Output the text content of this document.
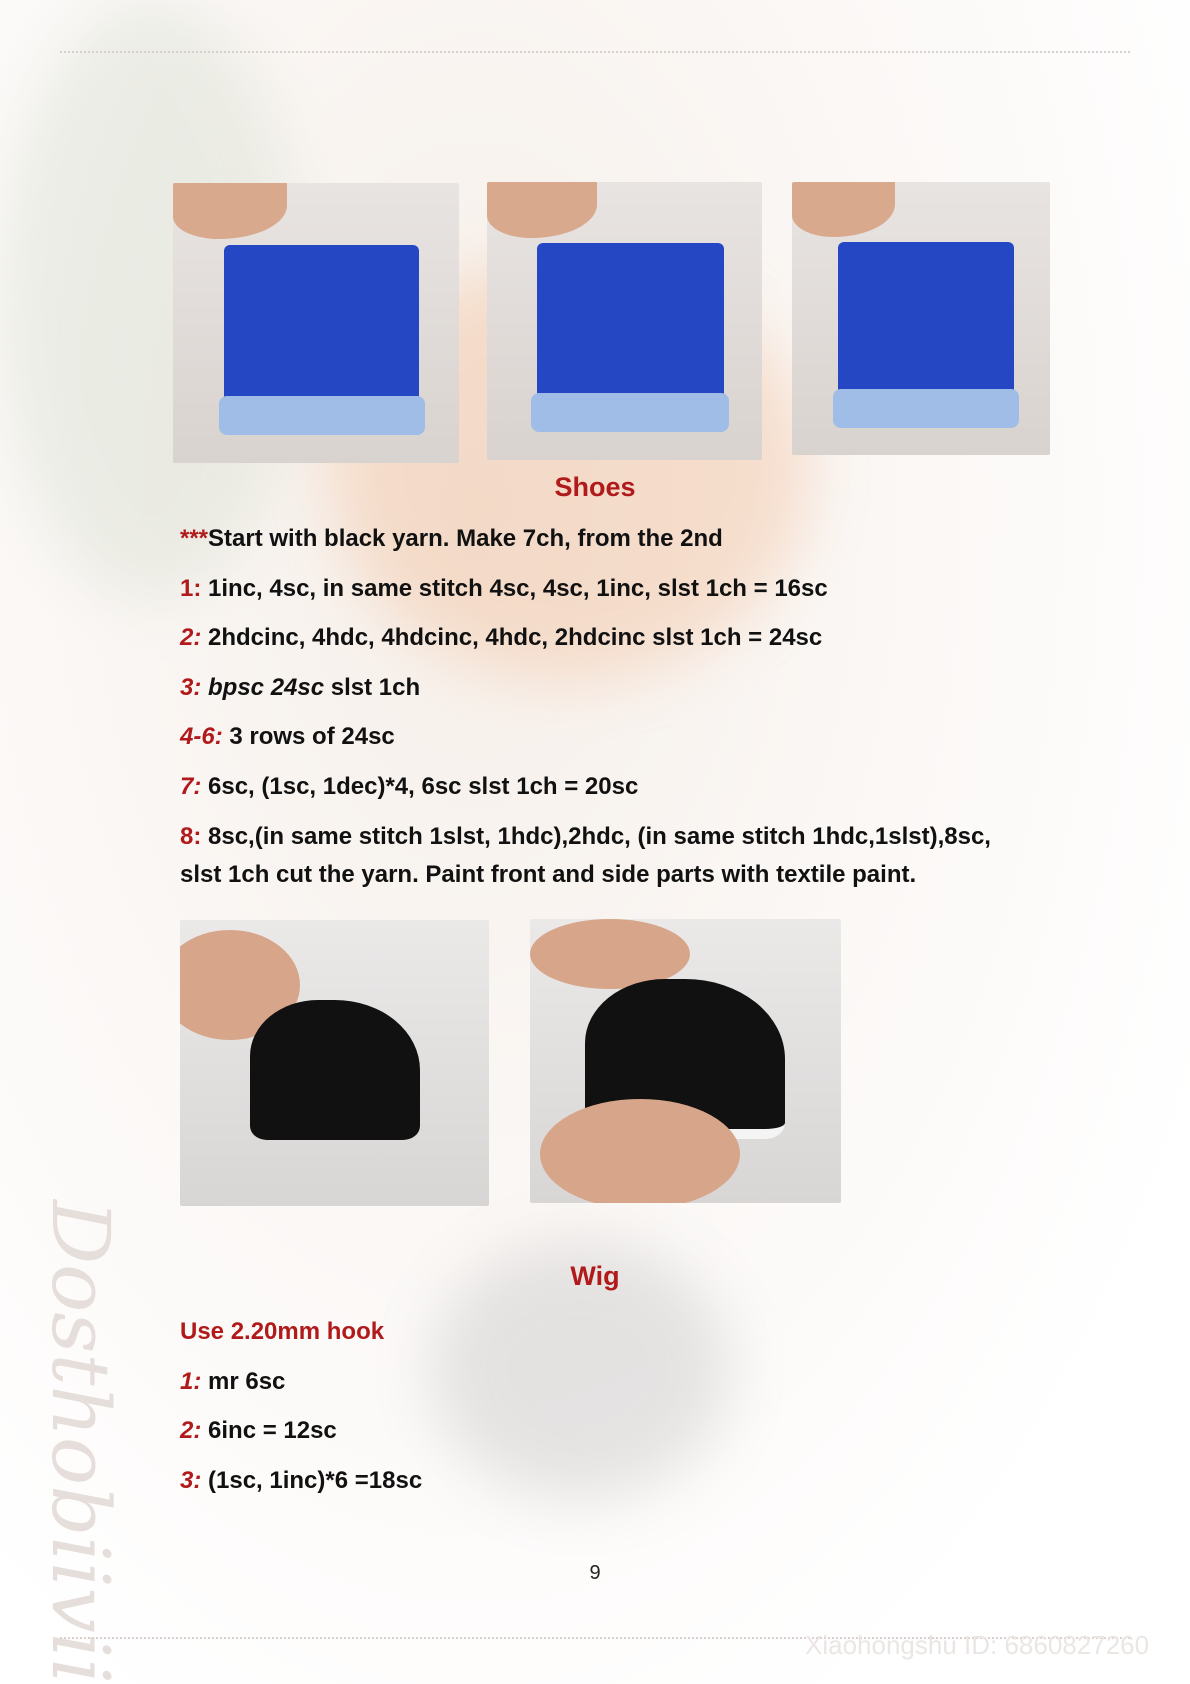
Shoes
***Start with black yarn. Make 7ch, from the 2nd
1: 1inc, 4sc, in same stitch 4sc, 4sc, 1inc, slst 1ch = 16sc
2: 2hdcinc, 4hdc, 4hdcinc, 4hdc, 2hdcinc slst 1ch = 24sc
3: bpsc 24sc slst 1ch
4-6: 3 rows of 24sc
7: 6sc, (1sc, 1dec)*4, 6sc slst 1ch = 20sc
8: 8sc,(in same stitch 1slst, 1hdc),2hdc, (in same stitch 1hdc,1slst),8sc,
slst 1ch cut the yarn. Paint front and side parts with textile paint.
Dosthobiivii	Wig
Use 2.20mm hook
1: mr 6sc
2: 6inc = 12sc
3: (1sc, 1inc)*6 =18sc
9
Xiaohongshu ID: 6860827260
